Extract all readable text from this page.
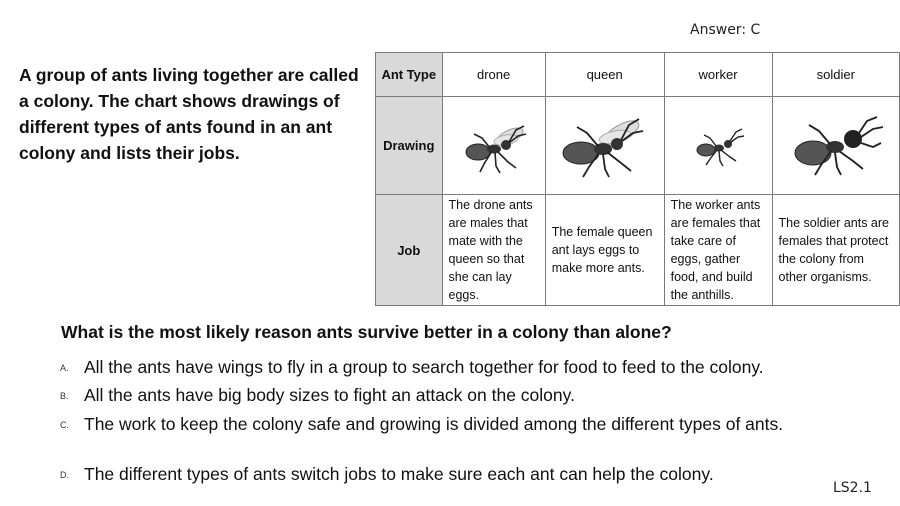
Answer: C
A group of ants living together are called a colony. The chart shows drawings of different types of ants found in an ant colony and lists their jobs.
Ant Type	drone	queen	worker	soldier
Drawing	

Job	The drone ants are males that mate with the queen so that she can lay eggs.	The female queen ant lays eggs to make more ants.	The worker ants are females that take care of eggs, gather food, and build the anthills.	The soldier ants are females that protect the colony from other organisms.
What is the most likely reason ants survive better in a colony than alone?
A. All the ants have wings to fly in a group to search together for food to feed to the colony.
B. All the ants have big body sizes to fight an attack on the colony.
C. The work to keep the colony safe and growing is divided among the different types of ants.
D. The different types of ants switch jobs to make sure each ant can help the colony.
LS2.1
